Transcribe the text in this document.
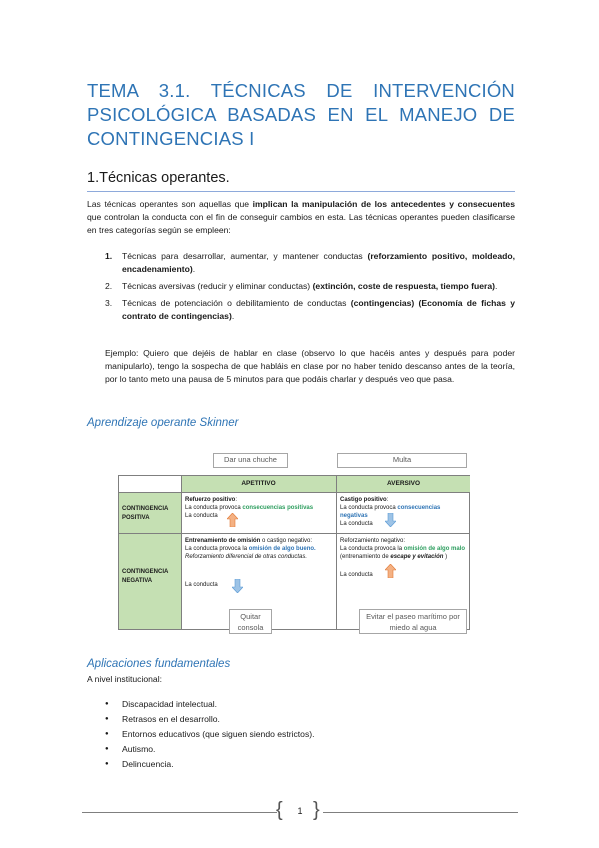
TEMA 3.1. TÉCNICAS DE INTERVENCIÓN PSICOLÓGICA BASADAS EN EL MANEJO DE CONTINGENCIAS I
1.Técnicas operantes.
Las técnicas operantes son aquellas que implican la manipulación de los antecedentes y consecuentes que controlan la conducta con el fin de conseguir cambios en esta. Las técnicas operantes pueden clasificarse en tres categorías según se empleen:
1. Técnicas para desarrollar, aumentar, y mantener conductas (reforzamiento positivo, moldeado, encadenamiento).
2. Técnicas aversivas (reducir y eliminar conductas) (extinción, coste de respuesta, tiempo fuera).
3. Técnicas de potenciación o debilitamiento de conductas (contingencias) (Economía de fichas y contrato de contingencias).
Ejemplo: Quiero que dejéis de hablar en clase (observo lo que hacéis antes y después para poder manipularlo), tengo la sospecha de que habláis en clase por no haber tenido descanso antes de la teoría, por lo tanto meto una pausa de 5 minutos para que podáis charlar y después veo que pasa.
Aprendizaje operante Skinner
Dar una chuche	Multa
APETITIVO	AVERSIVO
CONTINGENCIA POSITIVA
CONTINGENCIA NEGATIVA
Refuerzo positivo:
La conducta provoca consecuencias positivas
La conducta
Castigo positivo:
La conducta provoca consecuencias negativas
La conducta
Entrenamiento de omisión o castigo negativo:
La conducta provoca la omisión de algo bueno.
Reforzamiento diferencial de otras conductas.
La conducta
Reforzamiento negativo:
La conducta provoca la omisión de algo malo
(entrenamiento de escape y evitación )
La conducta
Quitar consola
Evitar el paseo marítimo por miedo al agua
Aplicaciones fundamentales
A nivel institucional:
● Discapacidad intelectual.
● Retrasos en el desarrollo.
● Entornos educativos (que siguen siendo estrictos).
● Autismo.
● Delincuencia.
{ }
1
